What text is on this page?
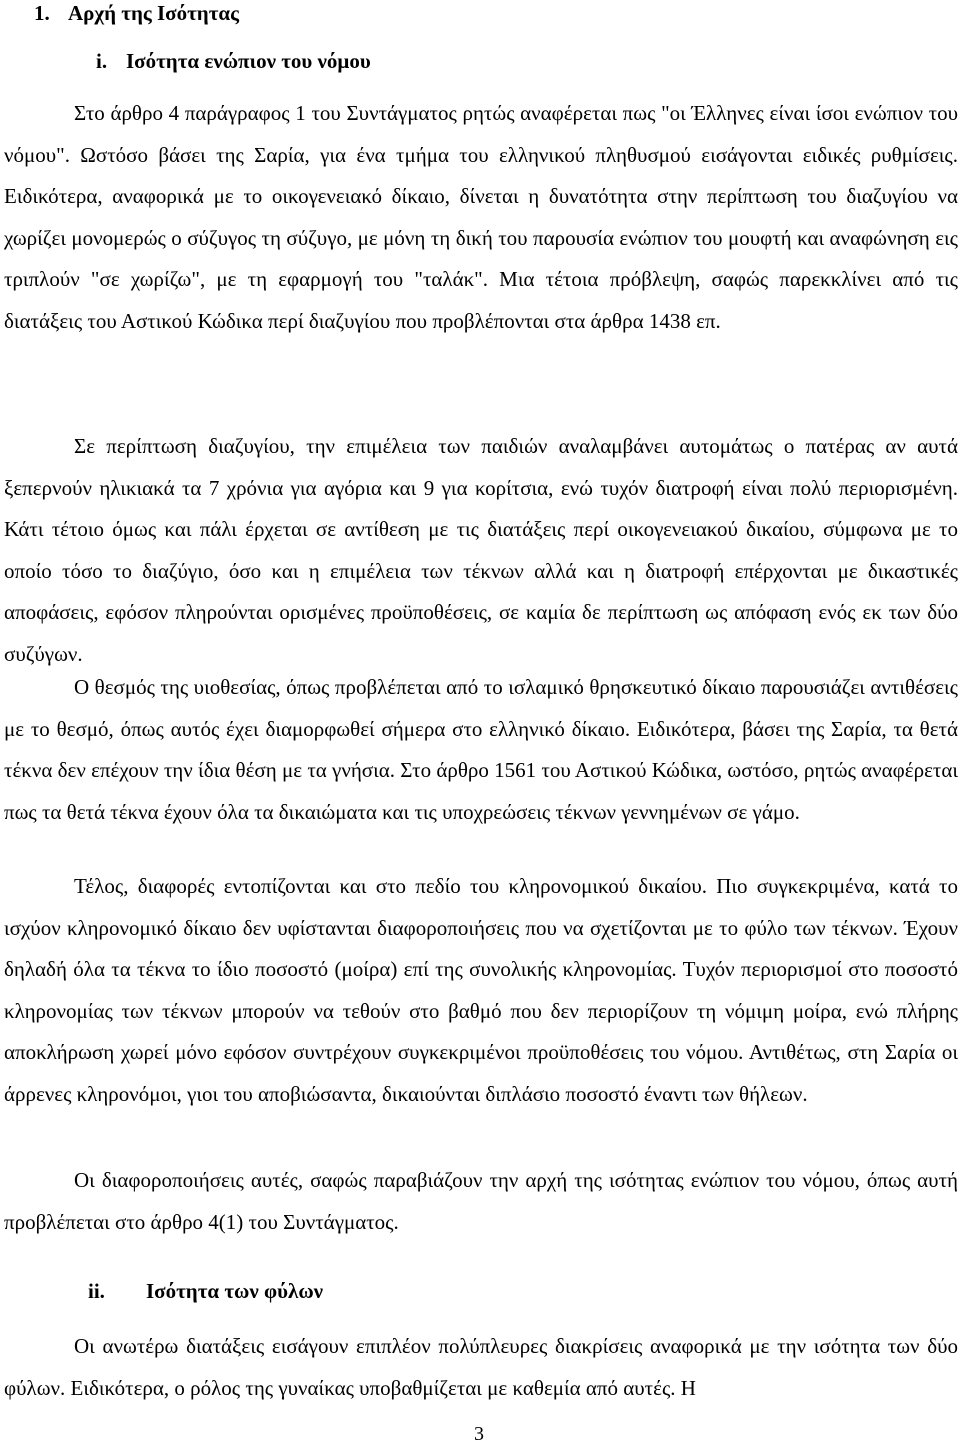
1. Αρχή της Ισότητας
i. Ισότητα ενώπιον του νόμου

Στο άρθρο 4 παράγραφος 1 του Συντάγματος ρητώς αναφέρεται πως "οι Έλληνες είναι ίσοι ενώπιον του νόμου". Ωστόσο βάσει της Σαρία, για ένα τμήμα του ελληνικού πληθυσμού εισάγονται ειδικές ρυθμίσεις. Ειδικότερα, αναφορικά με το οικογενειακό δίκαιο, δίνεται η δυνατότητα στην περίπτωση του διαζυγίου να χωρίζει μονομερώς ο σύζυγος τη σύζυγο, με μόνη τη δική του παρουσία ενώπιον του μουφτή και αναφώνηση εις τριπλούν "σε χωρίζω", με τη εφαρμογή του "ταλάκ". Μια τέτοια πρόβλεψη, σαφώς παρεκκλίνει από τις διατάξεις του Αστικού Κώδικα περί διαζυγίου που προβλέπονται στα άρθρα 1438 επ.

Σε περίπτωση διαζυγίου, την επιμέλεια των παιδιών αναλαμβάνει αυτομάτως ο πατέρας αν αυτά ξεπερνούν ηλικιακά τα 7 χρόνια για αγόρια και 9 για κορίτσια, ενώ τυχόν διατροφή είναι πολύ περιορισμένη. Κάτι τέτοιο όμως και πάλι έρχεται σε αντίθεση με τις διατάξεις περί οικογενειακού δικαίου, σύμφωνα με το οποίο τόσο το διαζύγιο, όσο και η επιμέλεια των τέκνων αλλά και η διατροφή επέρχονται με δικαστικές αποφάσεις, εφόσον πληρούνται ορισμένες προϋποθέσεις, σε καμία δε περίπτωση ως απόφαση ενός εκ των δύο συζύγων.

Ο θεσμός της υιοθεσίας, όπως προβλέπεται από το ισλαμικό θρησκευτικό δίκαιο παρουσιάζει αντιθέσεις με το θεσμό, όπως αυτός έχει διαμορφωθεί σήμερα στο ελληνικό δίκαιο. Ειδικότερα, βάσει της Σαρία, τα θετά τέκνα δεν επέχουν την ίδια θέση με τα γνήσια. Στο άρθρο 1561 του Αστικού Κώδικα, ωστόσο, ρητώς αναφέρεται πως τα θετά τέκνα έχουν όλα τα δικαιώματα και τις υποχρεώσεις τέκνων γεννημένων σε γάμο.

Τέλος, διαφορές εντοπίζονται και στο πεδίο του κληρονομικού δικαίου. Πιο συγκεκριμένα, κατά το ισχύον κληρονομικό δίκαιο δεν υφίστανται διαφοροποιήσεις που να σχετίζονται με το φύλο των τέκνων. Έχουν δηλαδή όλα τα τέκνα το ίδιο ποσοστό (μοίρα) επί της συνολικής κληρονομίας. Τυχόν περιορισμοί στο ποσοστό κληρονομίας των τέκνων μπορούν να τεθούν στο βαθμό που δεν περιορίζουν τη νόμιμη μοίρα, ενώ πλήρης αποκλήρωση χωρεί μόνο εφόσον συντρέχουν συγκεκριμένοι προϋποθέσεις του νόμου. Αντιθέτως, στη Σαρία οι άρρενες κληρονόμοι, γιοι του αποβιώσαντα, δικαιούνται διπλάσιο ποσοστό έναντι των θήλεων.

Οι διαφοροποιήσεις αυτές, σαφώς παραβιάζουν την αρχή της ισότητας ενώπιον του νόμου, όπως αυτή προβλέπεται στο άρθρο 4(1) του Συντάγματος.

ii. Ισότητα των φύλων

Οι ανωτέρω διατάξεις εισάγουν επιπλέον πολύπλευρες διακρίσεις αναφορικά με την ισότητα των δύο φύλων. Ειδικότερα, ο ρόλος της γυναίκας υποβαθμίζεται με καθεμία από αυτές. Η

3
